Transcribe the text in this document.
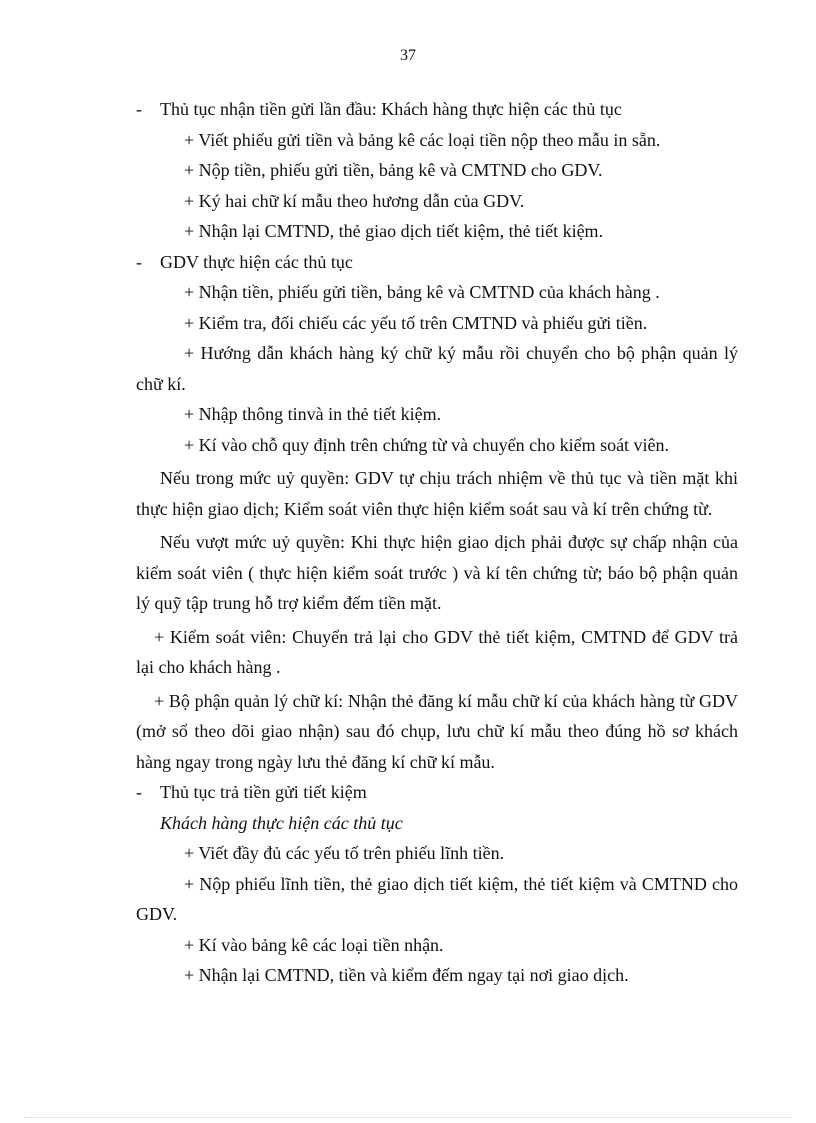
37
- Thủ tục nhận tiền gửi lần đầu: Khách hàng thực hiện các thủ tục
+ Viết phiếu gửi tiền và bảng kê các loại tiền nộp theo mẫu in sẵn.
+ Nộp tiền, phiếu gửi tiền, bảng kê và CMTND cho GDV.
+ Ký hai chữ kí mẫu theo hương dẫn của GDV.
+ Nhận lại CMTND, thẻ giao dịch tiết kiệm, thẻ tiết kiệm.
- GDV thực hiện các thủ tục
+ Nhận tiền, phiếu gửi tiền, bảng kê và CMTND của khách hàng .
+ Kiểm tra, đối chiếu các yếu tố trên CMTND và phiếu gửi tiền.
+ Hướng dẫn khách hàng ký chữ ký mẫu rồi chuyển cho bộ phận quản lý chữ kí.
+ Nhập thông tinvà in thẻ tiết kiệm.
+ Kí vào chỗ quy định trên chứng từ và chuyển cho kiểm soát viên.
Nếu trong mức uỷ quyền: GDV tự chịu trách nhiệm về thủ tục và tiền mặt khi thực hiện giao dịch; Kiểm soát viên thực hiện kiểm soát sau và kí trên chứng từ.
Nếu vượt mức uỷ quyền: Khi thực hiện giao dịch phải được sự chấp nhận của kiểm soát viên ( thực hiện kiểm soát trước ) và kí tên chứng từ; báo bộ phận quản lý quỹ tập trung hỗ trợ kiểm đếm tiền mặt.
+ Kiểm soát viên: Chuyển trả lại cho GDV thẻ tiết kiệm, CMTND để GDV trả lại cho khách hàng .
+ Bộ phận quản lý chữ kí: Nhận thẻ đăng kí mẫu chữ kí của khách hàng từ GDV (mở sổ theo dõi giao nhận) sau đó chụp, lưu chữ kí mẫu theo đúng hồ sơ khách hàng ngay trong ngày lưu thẻ đăng kí chữ kí mẫu.
- Thủ tục trả tiền gửi tiết kiệm
Khách hàng thực hiện các thủ tục
+ Viết đầy đủ các yếu tố trên phiếu lĩnh tiền.
+ Nộp phiếu lĩnh tiền, thẻ giao dịch tiết kiệm, thẻ tiết kiệm và CMTND cho GDV.
+ Kí vào bảng kê các loại tiền nhận.
+ Nhận lại CMTND, tiền và kiểm đếm ngay tại nơi giao dịch.
